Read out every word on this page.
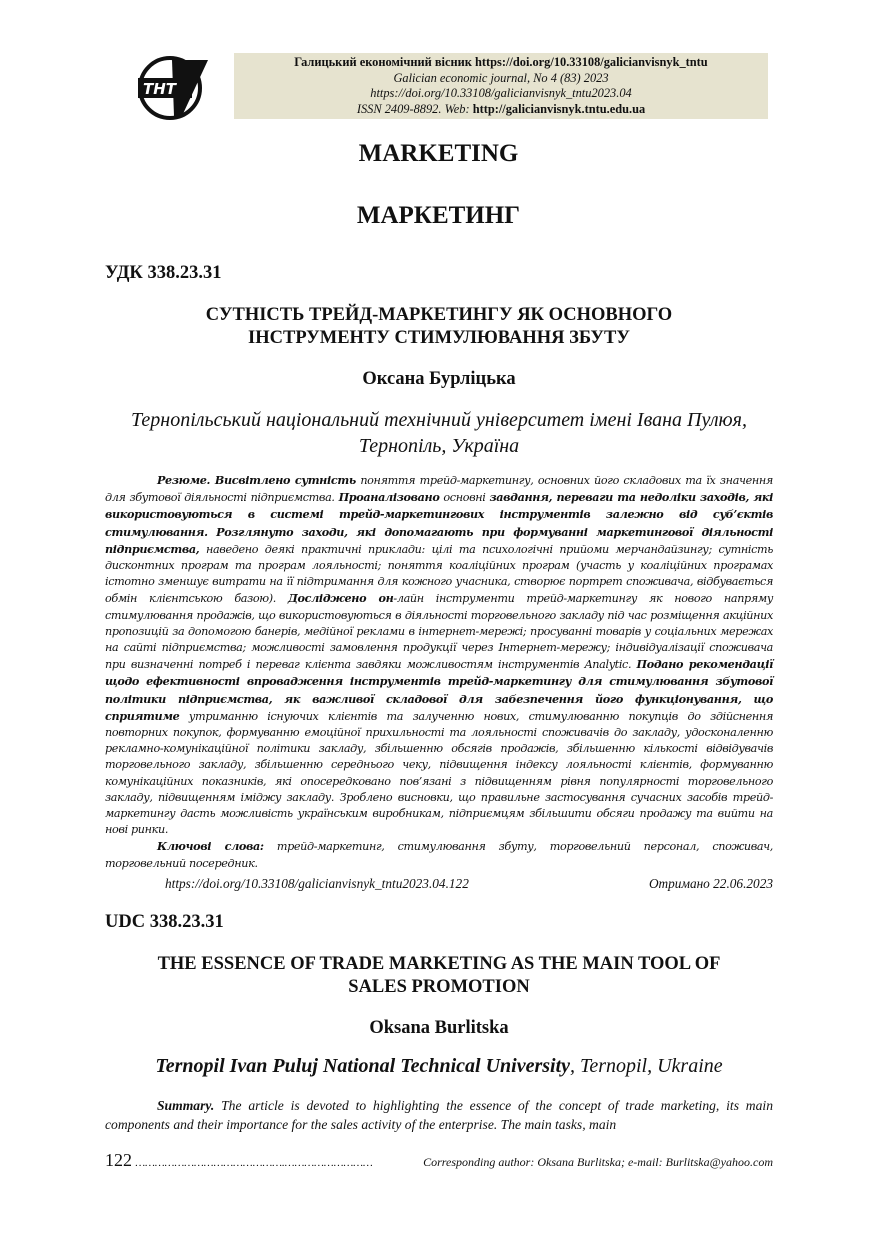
ТНТ
Галицький економічний вісник https://doi.org/10.33108/galicianvisnyk_tntu
Galician economic journal, No 4 (83) 2023
https://doi.org/10.33108/galicianvisnyk_tntu2023.04
ISSN 2409-8892. Web: http://galicianvisnyk.tntu.edu.ua
MARKETING
МАРКЕТИНГ
УДК 338.23.31
СУТНІСТЬ ТРЕЙД-МАРКЕТИНГУ ЯК ОСНОВНОГО
ІНСТРУМЕНТУ СТИМУЛЮВАННЯ ЗБУТУ
Оксана Бурліцька
Тернопільський національний технічний університет імені Івана Пулюя,
Тернопіль, Україна

Резюме. Висвітлено сутність поняття трейд-маркетингу, основних його складових та їх значення для збутової діяльності підприємства. Проаналізовано основні завдання, переваги та недоліки заходів, які використовуються в системі трейд-маркетингових інструментів залежно від суб’єктів стимулювання. Розглянуто заходи, які допомагають при формуванні маркетингової діяльності підприємства, наведено деякі практичні приклади: цілі та психологічні прийоми мерчандайзингу; сутність дисконтних програм та програм лояльності; поняття коаліційних програм (участь у коаліційних програмах істотно зменшує витрати на її підтримання для кожного учасника, створює портрет споживача, відбувається обмін клієнтською базою). Досліджено он-лайн інструменти трейд-маркетингу як нового напряму стимулювання продажів, що використовуються в діяльності торговельного закладу під час розміщення акційних пропозицій за допомогою банерів, медійної реклами в інтернет-мережі; просуванні товарів у соціальних мережах на сайті підприємства; можливості замовлення продукції через Інтернет-мережу; індивідуалізації споживача при визначенні потреб і переваг клієнта завдяки можливостям інструментів Analytic. Подано рекомендації щодо ефективності впровадження інструментів трейд-маркетингу для стимулювання збутової політики підприємства, як важливої складової для забезпечення його функціонування, що сприятиме утриманню існуючих клієнтів та залученню нових, стимулюванню покупців до здійснення повторних покупок, формуванню емоційної прихильності та лояльності споживачів до закладу, удосконаленню рекламно-комунікаційної політики закладу, збільшенню обсягів продажів, збільшенню кількості відвідувачів торговельного закладу, збільшенню середнього чеку, підвищення індексу лояльності клієнтів, формуванню комунікаційних показників, які опосередковано пов’язані з підвищенням рівня популярності торговельного закладу, підвищенням іміджу закладу. Зроблено висновки, що правильне застосування сучасних засобів трейд-маркетингу дасть можливість українським виробникам, підприємцям збільшити обсяги продажу та вийти на нові ринки.

Ключові слова: трейд-маркетинг, стимулювання збуту, торговельний персонал, споживач, торговельний посередник.

https://doi.org/10.33108/galicianvisnyk_tntu2023.04.122	Отримано 22.06.2023
UDC 338.23.31
THE ESSENCE OF TRADE MARKETING AS THE MAIN TOOL OF
SALES PROMOTION
Oksana Burlitska
Ternopil Ivan Puluj National Technical University, Ternopil, Ukraine

Summary. The article is devoted to highlighting the essence of the concept of trade marketing, its main components and their importance for the sales activity of the enterprise. The main tasks, main

122 ……………………………………….………………………	Corresponding author: Oksana Burlitska; e-mail: Burlitska@yahoo.com
